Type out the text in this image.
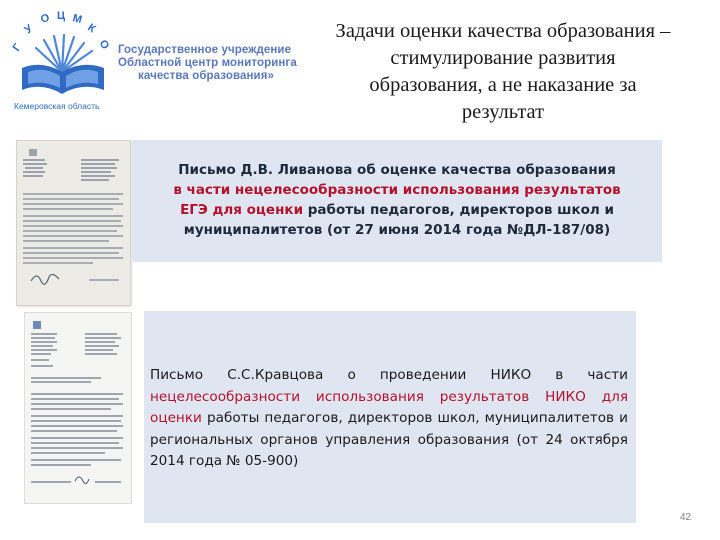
Г
У
О Ц М
К
О
Кемеровская область
Государственное учреждение
Областной центр мониторинга
качества образования»
Задачи оценки качества образования –
стимулирование развития
образования, а не наказание за
результат
Письмо Д.В. Ливанова об оценке качества образования
в части нецелесообразности использования результатов
ЕГЭ для оценки работы педагогов, директоров школ и
муниципалитетов (от 27 июня 2014 года №ДЛ-187/08)
Письмо С.С.Кравцова о проведении НИКО в части нецелесообразности использования результатов НИКО для оценки работы педагогов, директоров школ, муниципалитетов и региональных органов управления образования (от 24 октября 2014 года № 05-900)
42
